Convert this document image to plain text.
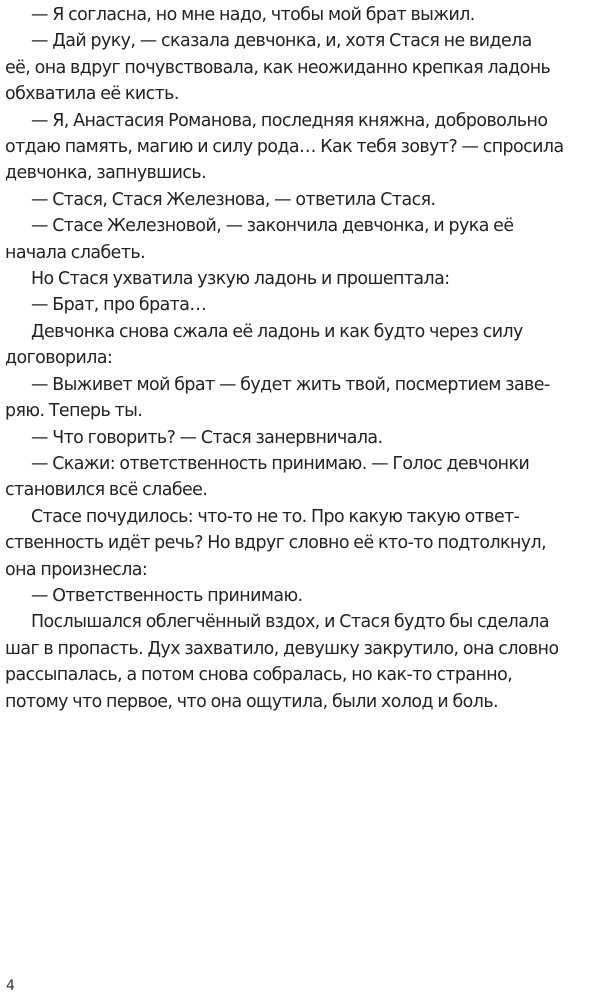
— Я согласна, но мне надо, чтобы мой брат выжил.
— Дай руку, — сказала девчонка, и, хотя Стася не видела
её, она вдруг почувствовала, как неожиданно крепкая ладонь
обхватила её кисть.
— Я, Анастасия Романова, последняя княжна, добровольно
отдаю память, магию и силу рода… Как тебя зовут? — спросила
девчонка, запнувшись.
— Стася, Стася Железнова, — ответила Стася.
— Стасе Железновой, — закончила девчонка, и рука её
начала слабеть.
Но Стася ухватила узкую ладонь и прошептала:
— Брат, про брата…
Девчонка снова сжала её ладонь и как будто через силу
договорила:
— Выживет мой брат — будет жить твой, посмертием заве-
ряю. Теперь ты.
— Что говорить? — Стася занервничала.
— Скажи: ответственность принимаю. — Голос девчонки
становился всё слабее.
Стасе почудилось: что-то не то. Про какую такую ответ-
ственность идёт речь? Но вдруг словно её кто-то подтолкнул,
она произнесла:
— Ответственность принимаю.
Послышался облегчённый вздох, и Стася будто бы сделала
шаг в пропасть. Дух захватило, девушку закрутило, она словно
рассыпалась, а потом снова собралась, но как-то странно,
потому что первое, что она ощутила, были холод и боль.
4
